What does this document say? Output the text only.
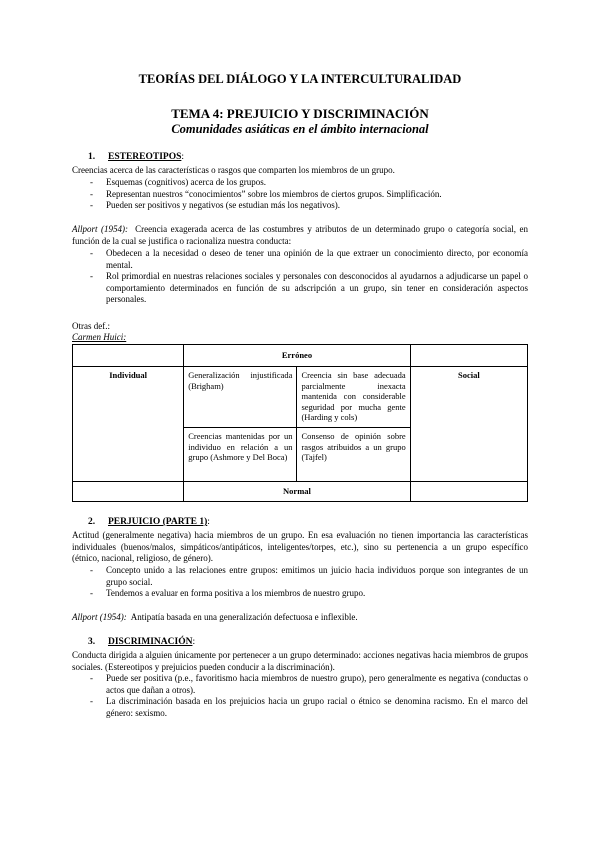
TEORÍAS DEL DIÁLOGO Y LA INTERCULTURALIDAD
TEMA 4: PREJUICIO Y DISCRIMINACIÓN
Comunidades asiáticas en el ámbito internacional
1. ESTEREOTIPOS:
Creencias acerca de las características o rasgos que comparten los miembros de un grupo.
- Esquemas (cognitivos) acerca de los grupos.
- Representan nuestros “conocimientos” sobre los miembros de ciertos grupos. Simplificación.
- Pueden ser positivos y negativos (se estudian más los negativos).
Allport (1954): Creencia exagerada acerca de las costumbres y atributos de un determinado grupo o categoría social, en función de la cual se justifica o racionaliza nuestra conducta:
- Obedecen a la necesidad o deseo de tener una opinión de la que extraer un conocimiento directo, por economía mental.
- Rol primordial en nuestras relaciones sociales y personales con desconocidos al ayudarnos a adjudicarse un papel o comportamiento determinados en función de su adscripción a un grupo, sin tener en consideración aspectos personales.
Otras def.:
Carmen Huici:
	Erróneo		
Individual	Generalización injustificada (Brigham)	Creencia sin base adecuada parcialmente inexacta mantenida con considerable seguridad por mucha gente (Harding y cols)	Social
	Creencias mantenidas por un individuo en relación a un grupo (Ashmore y Del Boca)	Consenso de opinión sobre rasgos atribuidos a un grupo (Tajfel)	
	Normal		
2. PERJUICIO (PARTE 1):
Actitud (generalmente negativa) hacia miembros de un grupo. En esa evaluación no tienen importancia las características individuales (buenos/malos, simpáticos/antipáticos, inteligentes/torpes, etc.), sino su pertenencia a un grupo específico (étnico, nacional, religioso, de género).
- Concepto unido a las relaciones entre grupos: emitimos un juicio hacia individuos porque son integrantes de un grupo social.
- Tendemos a evaluar en forma positiva a los miembros de nuestro grupo.
Allport (1954): Antipatía basada en una generalización defectuosa e inflexible.
3. DISCRIMINACIÓN:
Conducta dirigida a alguien únicamente por pertenecer a un grupo determinado: acciones negativas hacia miembros de grupos sociales. (Estereotipos y prejuicios pueden conducir a la discriminación).
- Puede ser positiva (p.e., favoritismo hacia miembros de nuestro grupo), pero generalmente es negativa (conductas o actos que dañan a otros).
- La discriminación basada en los prejuicios hacia un grupo racial o étnico se denomina racismo. En el marco del género: sexismo.
